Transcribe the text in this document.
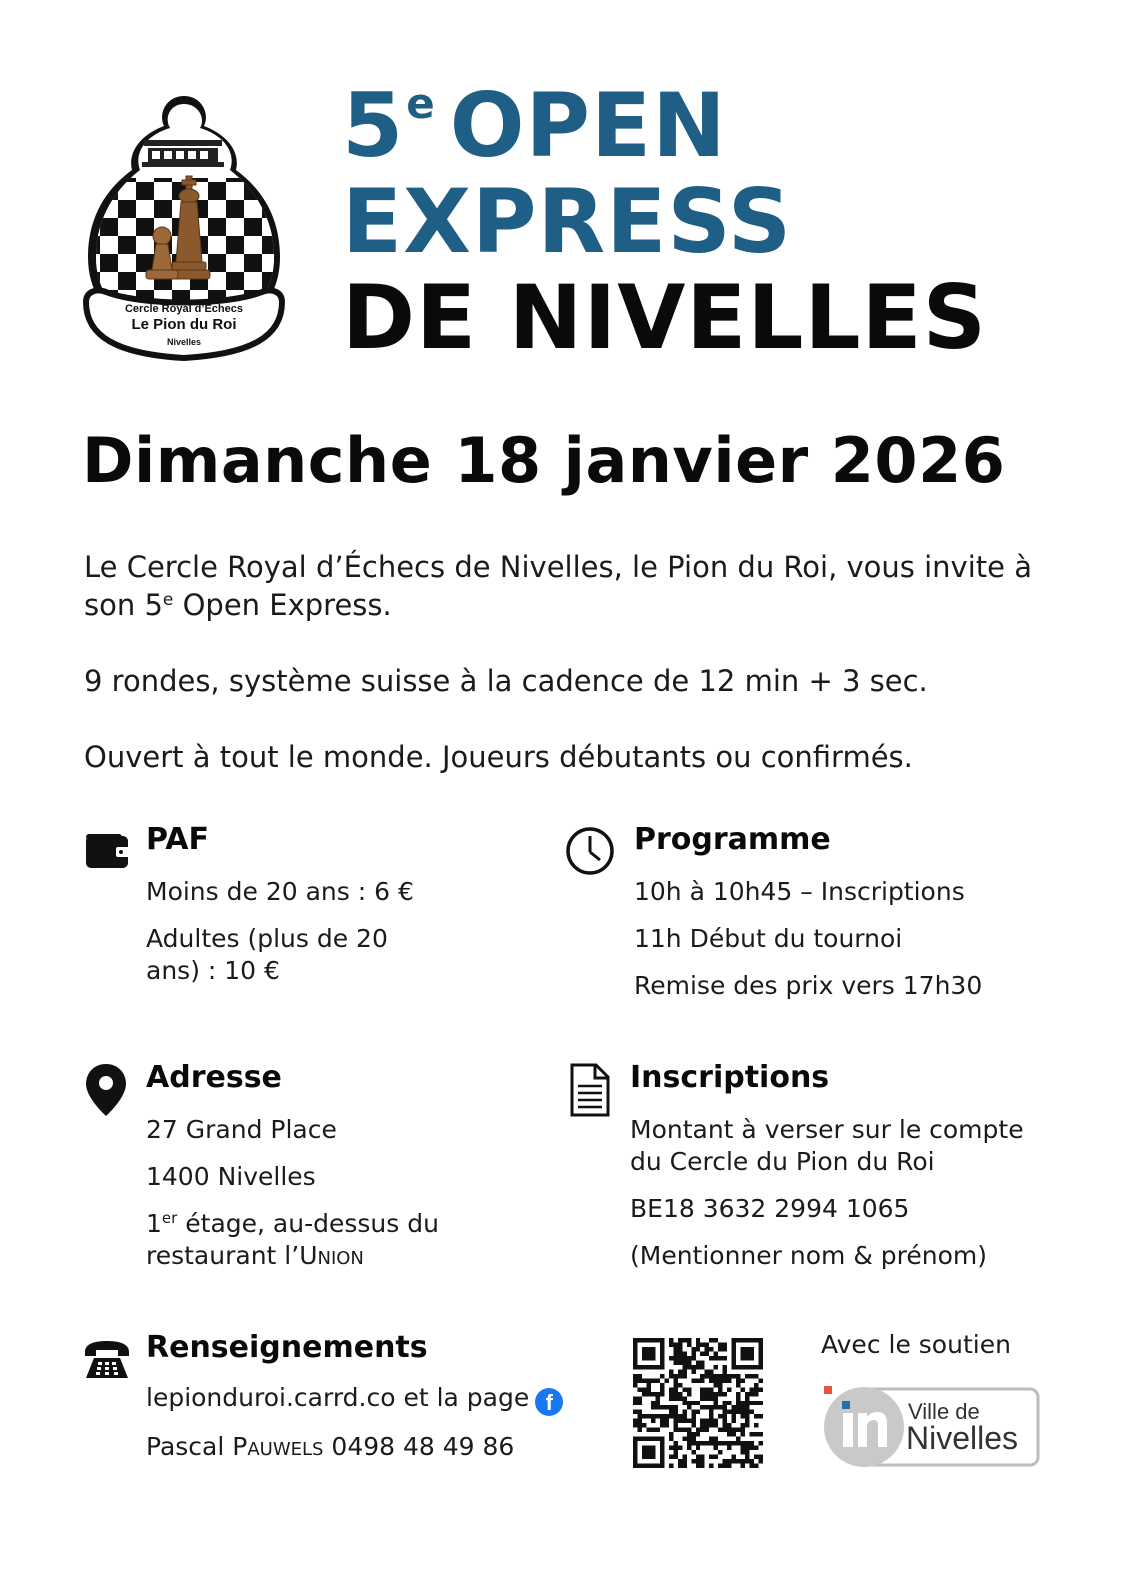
Cercle Royal d’Échecs
Le Pion du Roi
Nivelles
5e OPEN
EXPRESS
DE NIVELLES
Dimanche 18 janvier 2026

Le Cercle Royal d’Échecs de Nivelles, le Pion du Roi, vous invite à son 5e Open Express.

9 rondes, système suisse à la cadence de 12 min + 3 sec.

Ouvert à tout le monde. Joueurs débutants ou confirmés.

PAF

Moins de 20 ans : 6 €

Adultes (plus de 20 ans) : 10 €

Programme

10h à 10h45 – Inscriptions

11h Début du tournoi

Remise des prix vers 17h30

Adresse

27 Grand Place

1400 Nivelles

1er étage, au-dessus du restaurant l’Union

Inscriptions

Montant à verser sur le compte du Cercle du Pion du Roi

BE18 3632 2994 1065

(Mentionner nom & prénom)

Renseignements

lepionduroi.carrd.co et la page f

Pascal Pauwels 0498 48 49 86

Avec le soutien
Ville de
Nivelles
